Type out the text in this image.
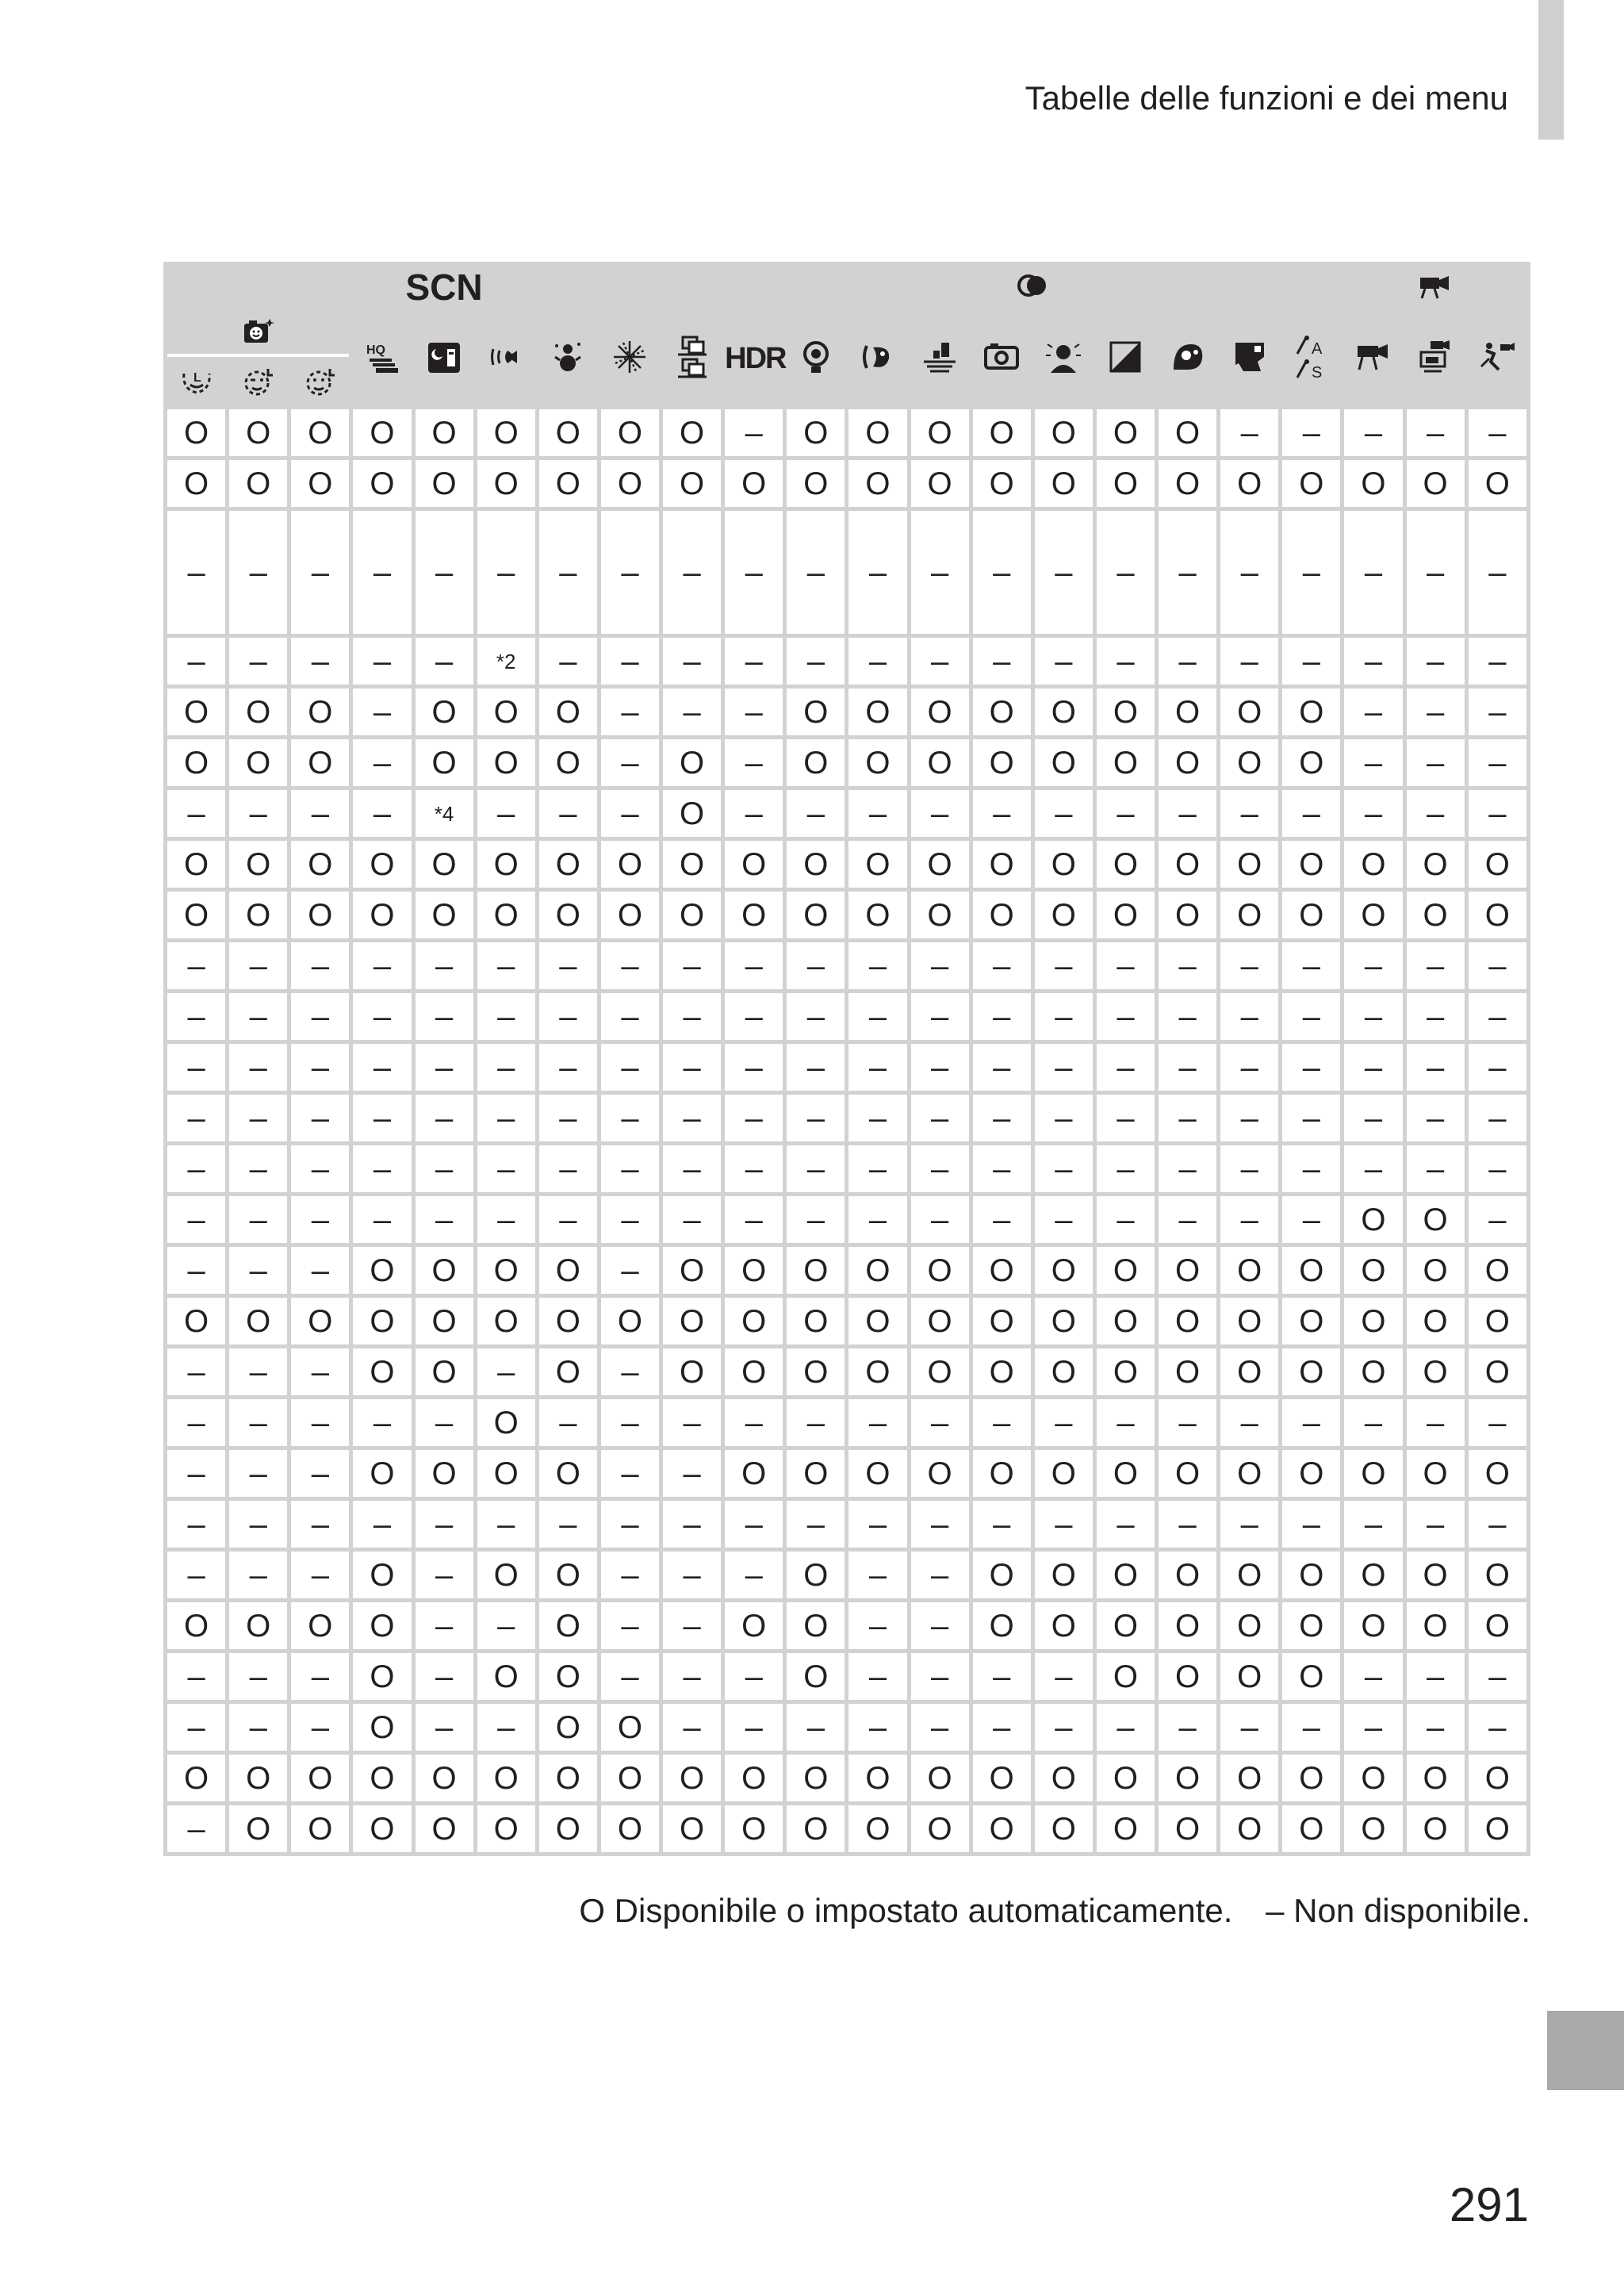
Tabelle delle funzioni e dei menu
SCN		

HQ						HDR									A
S

L

O	O	O	O	O	O	O	O	O	–	O	O	O	O	O	O	O	–	–	–	–	–
O	O	O	O	O	O	O	O	O	O	O	O	O	O	O	O	O	O	O	O	O	O
–	–	–	–	–	–	–	–	–	–	–	–	–	–	–	–	–	–	–	–	–	–
–	–	–	–	–	*2	–	–	–	–	–	–	–	–	–	–	–	–	–	–	–	–
O	O	O	–	O	O	O	–	–	–	O	O	O	O	O	O	O	O	O	–	–	–
O	O	O	–	O	O	O	–	O	–	O	O	O	O	O	O	O	O	O	–	–	–
–	–	–	–	*4	–	–	–	O	–	–	–	–	–	–	–	–	–	–	–	–	–
O	O	O	O	O	O	O	O	O	O	O	O	O	O	O	O	O	O	O	O	O	O
O	O	O	O	O	O	O	O	O	O	O	O	O	O	O	O	O	O	O	O	O	O
–	–	–	–	–	–	–	–	–	–	–	–	–	–	–	–	–	–	–	–	–	–
–	–	–	–	–	–	–	–	–	–	–	–	–	–	–	–	–	–	–	–	–	–
–	–	–	–	–	–	–	–	–	–	–	–	–	–	–	–	–	–	–	–	–	–
–	–	–	–	–	–	–	–	–	–	–	–	–	–	–	–	–	–	–	–	–	–
–	–	–	–	–	–	–	–	–	–	–	–	–	–	–	–	–	–	–	–	–	–
–	–	–	–	–	–	–	–	–	–	–	–	–	–	–	–	–	–	–	O	O	–
–	–	–	O	O	O	O	–	O	O	O	O	O	O	O	O	O	O	O	O	O	O
O	O	O	O	O	O	O	O	O	O	O	O	O	O	O	O	O	O	O	O	O	O
–	–	–	O	O	–	O	–	O	O	O	O	O	O	O	O	O	O	O	O	O	O
–	–	–	–	–	O	–	–	–	–	–	–	–	–	–	–	–	–	–	–	–	–
–	–	–	O	O	O	O	–	–	O	O	O	O	O	O	O	O	O	O	O	O	O
–	–	–	–	–	–	–	–	–	–	–	–	–	–	–	–	–	–	–	–	–	–
–	–	–	O	–	O	O	–	–	–	O	–	–	O	O	O	O	O	O	O	O	O
O	O	O	O	–	–	O	–	–	O	O	–	–	O	O	O	O	O	O	O	O	O
–	–	–	O	–	O	O	–	–	–	O	–	–	–	–	O	O	O	O	–	–	–
–	–	–	O	–	–	O	O	–	–	–	–	–	–	–	–	–	–	–	–	–	–
O	O	O	O	O	O	O	O	O	O	O	O	O	O	O	O	O	O	O	O	O	O
–	O	O	O	O	O	O	O	O	O	O	O	O	O	O	O	O	O	O	O	O	O
O Disponibile o impostato automaticamente. – Non disponibile.
291
